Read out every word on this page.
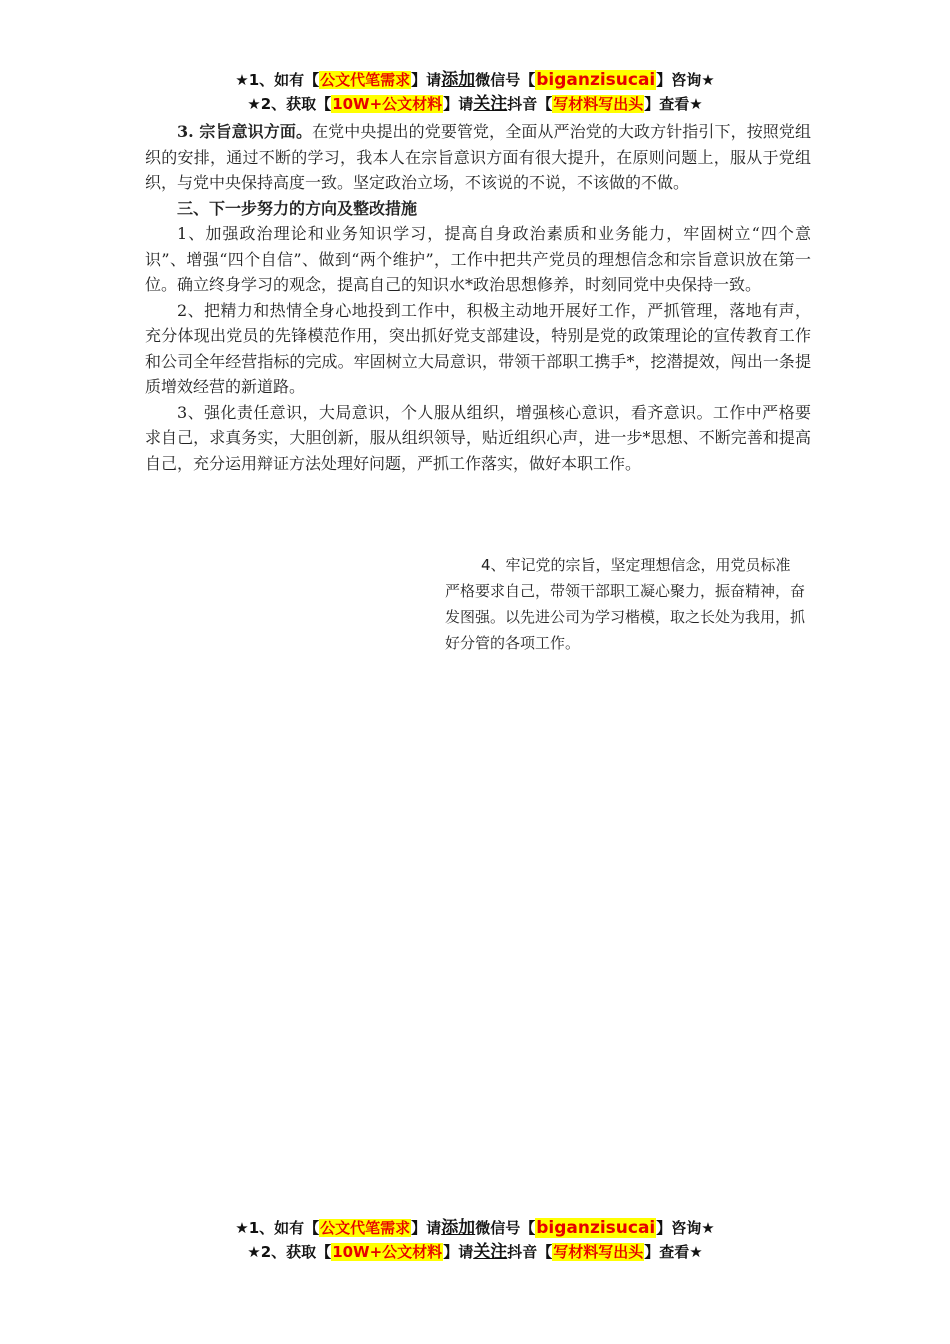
★1、如有【公文代笔需求】请添加微信号【biganzisucai】咨询★
★2、获取【10W+公文材料】请关注抖音【写材料写出头】查看★

3. 宗旨意识方面。在党中央提出的党要管党，全面从严治党的大政方针指引下，按照党组织的安排，通过不断的学习，我本人在宗旨意识方面有很大提升，在原则问题上，服从于党组织，与党中央保持高度一致。坚定政治立场，不该说的不说，不该做的不做。

三、下一步努力的方向及整改措施

1、加强政治理论和业务知识学习，提高自身政治素质和业务能力，牢固树立“四个意识”、增强“四个自信”、做到“两个维护”，工作中把共产党员的理想信念和宗旨意识放在第一位。确立终身学习的观念，提高自己的知识水*政治思想修养，时刻同党中央保持一致。

2、把精力和热情全身心地投到工作中，积极主动地开展好工作，严抓管理，落地有声，充分体现出党员的先锋模范作用，突出抓好党支部建设，特别是党的政策理论的宣传教育工作和公司全年经营指标的完成。牢固树立大局意识，带领干部职工携手*，挖潜提效，闯出一条提质增效经营的新道路。

3、强化责任意识，大局意识，个人服从组织，增强核心意识，看齐意识。工作中严格要求自己，求真务实，大胆创新，服从组织领导，贴近组织心声，进一步*思想、不断完善和提高自己，充分运用辩证方法处理好问题，严抓工作落实，做好本职工作。

4、牢记党的宗旨，坚定理想信念，用党员标准严格要求自己，带领干部职工凝心聚力，振奋精神，奋发图强。以先进公司为学习楷模，取之长处为我用，抓好分管的各项工作。

★1、如有【公文代笔需求】请添加微信号【biganzisucai】咨询★
★2、获取【10W+公文材料】请关注抖音【写材料写出头】查看★
